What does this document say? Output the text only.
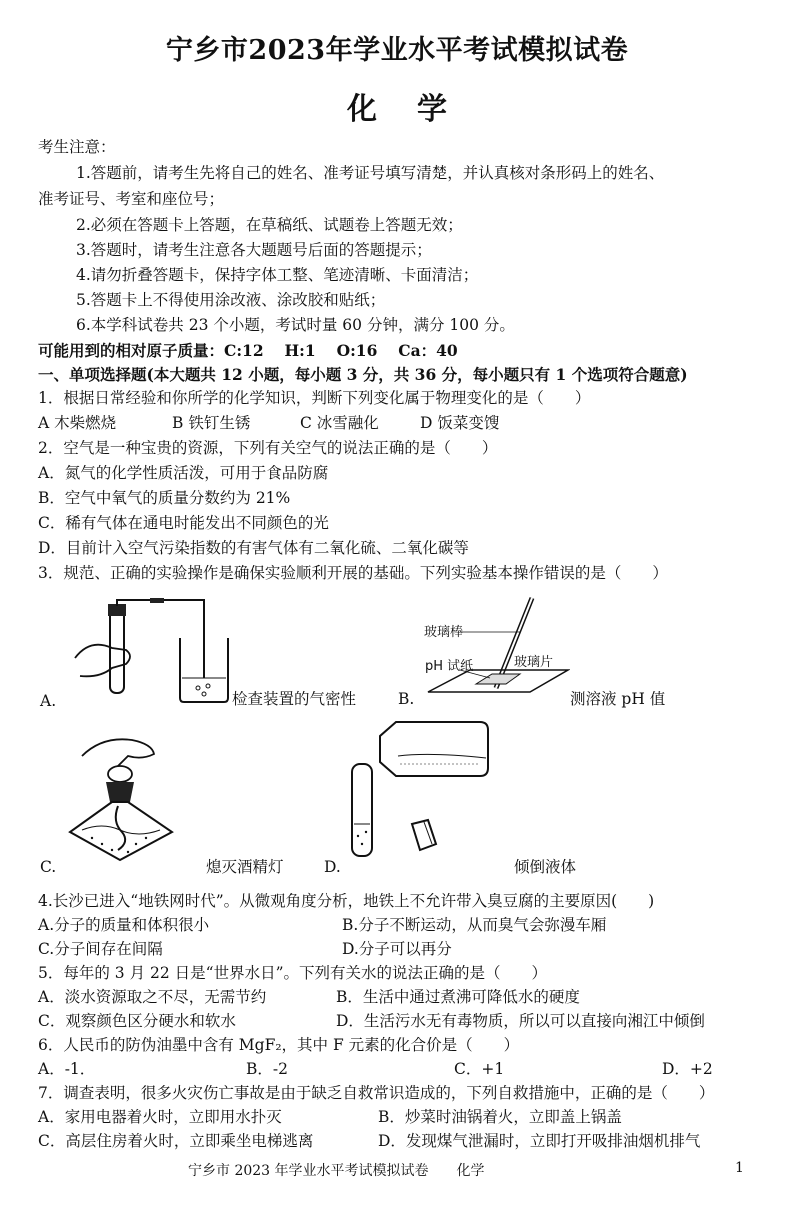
宁乡市2023年学业水平考试模拟试卷
化学
考生注意：
1.答题前，请考生先将自己的姓名、准考证号填写清楚，并认真核对条形码上的姓名、
准考证号、考室和座位号；
2.必须在答题卡上答题，在草稿纸、试题卷上答题无效；
3.答题时，请考生注意各大题题号后面的答题提示；
4.请勿折叠答题卡，保持字体工整、笔迹清晰、卡面清洁；
5.答题卡上不得使用涂改液、涂改胶和贴纸；
6.本学科试卷共 23 个小题，考试时量 60 分钟，满分 100 分。
可能用到的相对原子质量：C:12　 H:1　 O:16　 Ca：40
一、单项选择题(本大题共 12 小题，每小题 3 分，共 36 分，每小题只有 1 个选项符合题意)
1．根据日常经验和你所学的化学知识，判断下列变化属于物理变化的是（　　）
A 木柴燃烧	B 铁钉生锈	C 冰雪融化	D 饭菜变馊
2．空气是一种宝贵的资源，下列有关空气的说法正确的是（　　）
A．氮气的化学性质活泼，可用于食品防腐
B．空气中氧气的质量分数约为 21%
C．稀有气体在通电时能发出不同颜色的光
D．目前计入空气污染指数的有害气体有二氧化硫、二氧化碳等
3．规范、正确的实验操作是确保实验顺利开展的基础。下列实验基本操作错误的是（　　）
A.	检查装置的气密性
玻璃棒
pH 试纸	玻璃片
B.	测溶液 pH 值
C.	熄灭酒精灯	D.	倾倒液体
4.长沙已进入“地铁网时代”。从微观角度分析，地铁上不允许带入臭豆腐的主要原因(　　)
A.分子的质量和体积很小	B.分子不断运动，从而臭气会弥漫车厢
C.分子间存在间隔	D.分子可以再分
5．每年的 3 月 22 日是“世界水日”。下列有关水的说法正确的是（　　）
A．淡水资源取之不尽，无需节约	B．生活中通过煮沸可降低水的硬度
C．观察颜色区分硬水和软水	D．生活污水无有毒物质，所以可以直接向湘江中倾倒
6．人民币的防伪油墨中含有 MgF₂，其中 F 元素的化合价是（　　）
A．-1．	B．-2	C．+1	D．+2
7．调查表明，很多火灾伤亡事故是由于缺乏自救常识造成的，下列自救措施中，正确的是（　　）
A．家用电器着火时，立即用水扑灭	B．炒菜时油锅着火，立即盖上锅盖
C．高层住房着火时，立即乘坐电梯逃离	D．发现煤气泄漏时，立即打开吸排油烟机排气
宁乡市 2023 年学业水平考试模拟试卷　　化学	1
